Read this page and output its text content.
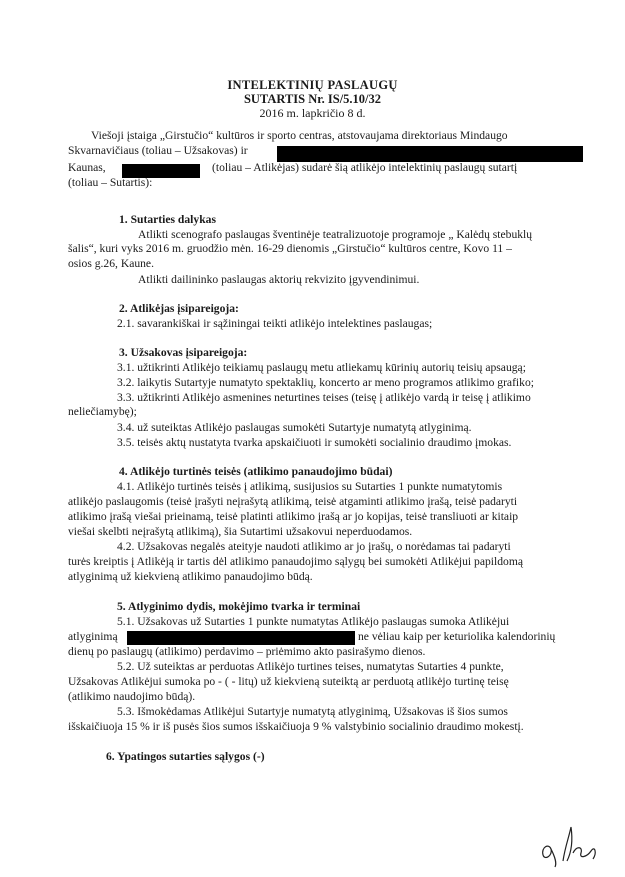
INTELEKTINIŲ PASLAUGŲ
SUTARTIS Nr. IS/5.10/32
2016 m. lapkričio 8 d.
Viešoji įstaiga „Girstučio“ kultūros ir sporto centras, atstovaujama direktoriaus Mindaugo
Skvarnavičiaus (toliau – Užsakovas) ir
Kaunas,	(toliau – Atlikėjas) sudarė šią atlikėjo intelektinių paslaugų sutartį
(toliau – Sutartis):
1. Sutarties dalykas
Atlikti scenografo paslaugas šventinėje teatralizuotoje programoje „ Kalėdų stebuklų
šalis“, kuri vyks 2016 m. gruodžio mėn. 16-29 dienomis „Girstučio“ kultūros centre, Kovo 11 –
osios g.26, Kaune.
Atlikti dailininko paslaugas aktorių rekvizito įgyvendinimui.
2. Atlikėjas įsipareigoja:
2.1. savarankiškai ir sąžiningai teikti atlikėjo intelektines paslaugas;
3. Užsakovas įsipareigoja:
3.1. užtikrinti Atlikėjo teikiamų paslaugų metu atliekamų kūrinių autorių teisių apsaugą;
3.2. laikytis Sutartyje numatyto spektaklių, koncerto ar meno programos atlikimo grafiko;
3.3. užtikrinti Atlikėjo asmenines neturtines teises (teisę į atlikėjo vardą ir teisę į atlikimo
neliečiamybę);
3.4. už suteiktas Atlikėjo paslaugas sumokėti Sutartyje numatytą atlyginimą.
3.5. teisės aktų nustatyta tvarka apskaičiuoti ir sumokėti socialinio draudimo įmokas.
4. Atlikėjo turtinės teisės (atlikimo panaudojimo būdai)
4.1. Atlikėjo turtinės teisės į atlikimą, susijusios su Sutarties 1 punkte numatytomis
atlikėjo paslaugomis (teisė įrašyti neįrašytą atlikimą, teisė atgaminti atlikimo įrašą, teisė padaryti
atlikimo įrašą viešai prieinamą, teisė platinti atlikimo įrašą ar jo kopijas, teisė transliuoti ar kitaip
viešai skelbti neįrašytą atlikimą), šia Sutartimi užsakovui neperduodamos.
4.2. Užsakovas negalės ateityje naudoti atlikimo ar jo įrašų, o norėdamas tai padaryti
turės kreiptis į Atlikėją ir tartis dėl atlikimo panaudojimo sąlygų bei sumokėti Atlikėjui papildomą
atlyginimą už kiekvieną atlikimo panaudojimo būdą.
5. Atlyginimo dydis, mokėjimo tvarka ir terminai
5.1. Užsakovas už Sutarties 1 punkte numatytas Atlikėjo paslaugas sumoka Atlikėjui
atlyginimą	ne vėliau kaip per keturiolika kalendorinių
dienų po paslaugų (atlikimo) perdavimo – priėmimo akto pasirašymo dienos.
5.2. Už suteiktas ar perduotas Atlikėjo turtines teises, numatytas Sutarties 4 punkte,
Užsakovas Atlikėjui sumoka po - ( - litų) už kiekvieną suteiktą ar perduotą atlikėjo turtinę teisę
(atlikimo naudojimo būdą).
5.3. Išmokėdamas Atlikėjui Sutartyje numatytą atlyginimą, Užsakovas iš šios sumos
išskaičiuoja 15 % ir iš pusės šios sumos išskaičiuoja 9 % valstybinio socialinio draudimo mokestį.
6. Ypatingos sutarties sąlygos (-)
